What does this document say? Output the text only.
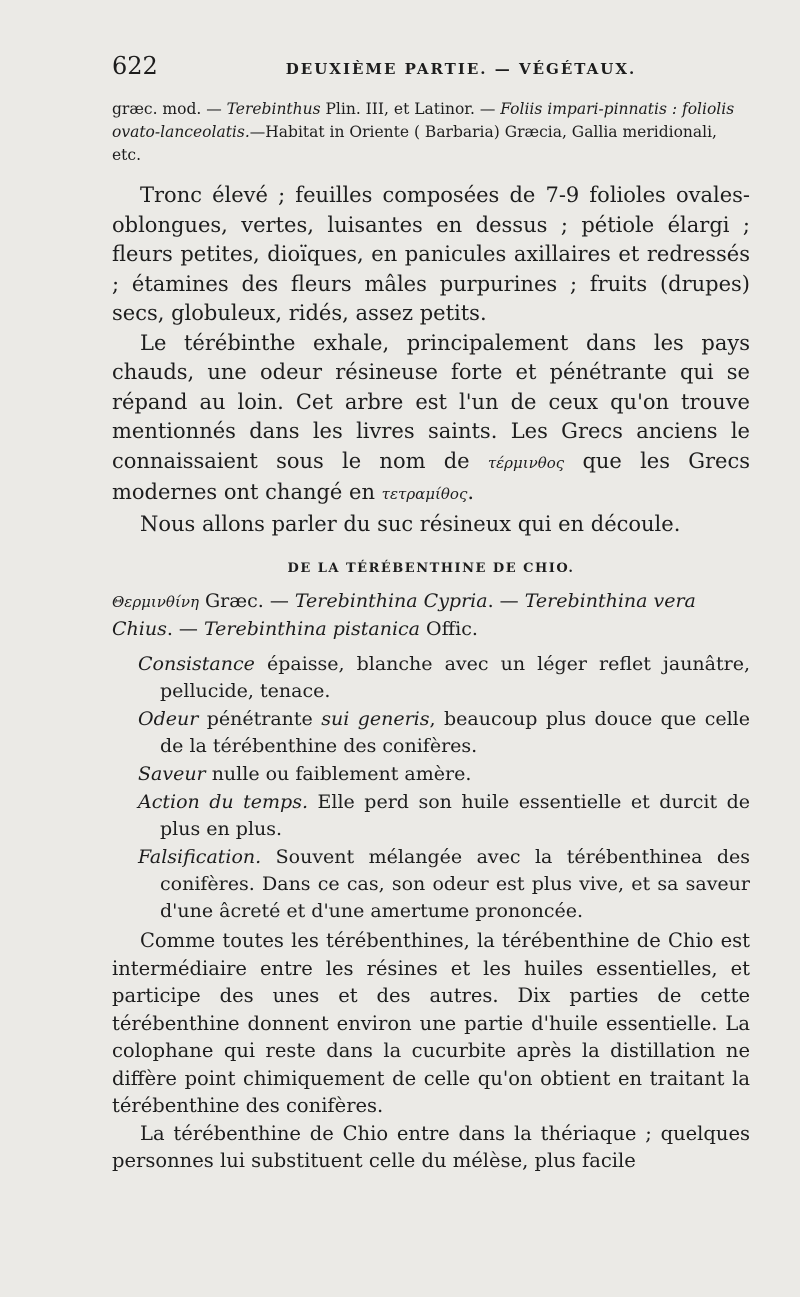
622	DEUXIÈME PARTIE. — VÉGÉTAUX.

græc. mod. — Terebinthus Plin. III, et Latinor. — Foliis impari-pinnatis : foliolis ovato-lanceolatis.—Habitat in Oriente ( Barbaria) Græcia, Gallia meridionali, etc.

Tronc élevé ; feuilles composées de 7-9 folioles ovales-oblongues, vertes, luisantes en dessus ; pétiole élargi ; fleurs petites, dioïques, en panicules axillaires et redressés ; étamines des fleurs mâles purpurines ; fruits (drupes) secs, globuleux, ridés, assez petits.

Le térébinthe exhale, principalement dans les pays chauds, une odeur résineuse forte et pénétrante qui se répand au loin. Cet arbre est l'un de ceux qu'on trouve mentionnés dans les livres saints. Les Grecs anciens le connaissaient sous le nom de τέρμινθος que les Grecs modernes ont changé en τετραμίθος.

Nous allons parler du suc résineux qui en découle.

DE LA TÉRÉBENTHINE DE CHIO.

Θερμινθίνη Græc. — Terebinthina Cypria. — Terebinthina vera Chius. — Terebinthina pistanica Offic.

Consistance épaisse, blanche avec un léger reflet jaunâtre, pellucide, tenace.

Odeur pénétrante sui generis, beaucoup plus douce que celle de la térébenthine des conifères.

Saveur nulle ou faiblement amère.

Action du temps. Elle perd son huile essentielle et durcit de plus en plus.

Falsification. Souvent mélangée avec la térébenthinea des conifères. Dans ce cas, son odeur est plus vive, et sa saveur d'une âcreté et d'une amertume prononcée.

Comme toutes les térébenthines, la térébenthine de Chio est intermédiaire entre les résines et les huiles essentielles, et participe des unes et des autres. Dix parties de cette térébenthine donnent environ une partie d'huile essentielle. La colophane qui reste dans la cucurbite après la distillation ne diffère point chimiquement de celle qu'on obtient en traitant la térébenthine des conifères.

La térébenthine de Chio entre dans la thériaque ; quelques personnes lui substituent celle du mélèse, plus facile
